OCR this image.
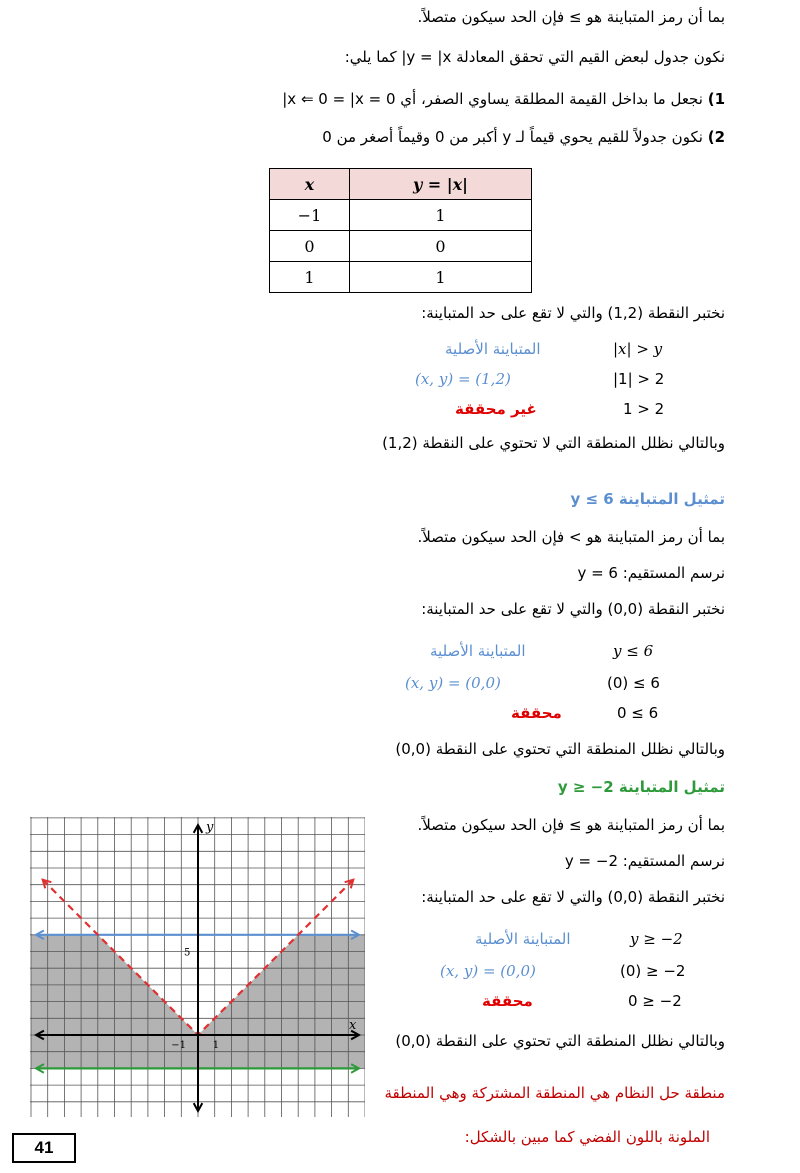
بما أن رمز المتباينة هو ≥ فإن الحد سيكون متصلاً.
نكون جدول لبعض القيم التي تحقق المعادلة y = |x| كما يلي:
1) نجعل ما بداخل القيمة المطلقة يساوي الصفر، أي 0 = x ⇐ 0 = |x|
2) نكون جدولاً للقيم يحوي قيماً لـ y أكبر من 0 وقيماً أصغر من 0
x	y = |x|
−1	1
0	0
1	1
نختبر النقطة (1,2) والتي لا تقع على حد المتباينة:
المتباينة الأصلية	|x| > y
(x, y) = (1,2)	|1| > 2
غير محققة	1 > 2
وبالتالي نظلل المنطقة التي لا تحتوي على النقطة (1,2)
تمثيل المتباينة y ≤ 6
بما أن رمز المتباينة هو > فإن الحد سيكون متصلاً.
نرسم المستقيم: y = 6
نختبر النقطة (0,0) والتي لا تقع على حد المتباينة:
المتباينة الأصلية	y ≤ 6
(x, y) = (0,0)	(0) ≤ 6
محققة	0 ≤ 6
وبالتالي نظلل المنطقة التي تحتوي على النقطة (0,0)
تمثيل المتباينة y ≥ −2
بما أن رمز المتباينة هو ≥ فإن الحد سيكون متصلاً.
نرسم المستقيم: y = −2
نختبر النقطة (0,0) والتي لا تقع على حد المتباينة:
المتباينة الأصلية	y ≥ −2
(x, y) = (0,0)	(0) ≥ −2
محققة	0 ≥ −2
وبالتالي نظلل المنطقة التي تحتوي على النقطة (0,0)
منطقة حل النظام هي المنطقة المشتركة وهي المنطقة
الملونة باللون الفضي كما مبين بالشكل:
x
y
−1	1
5
41
